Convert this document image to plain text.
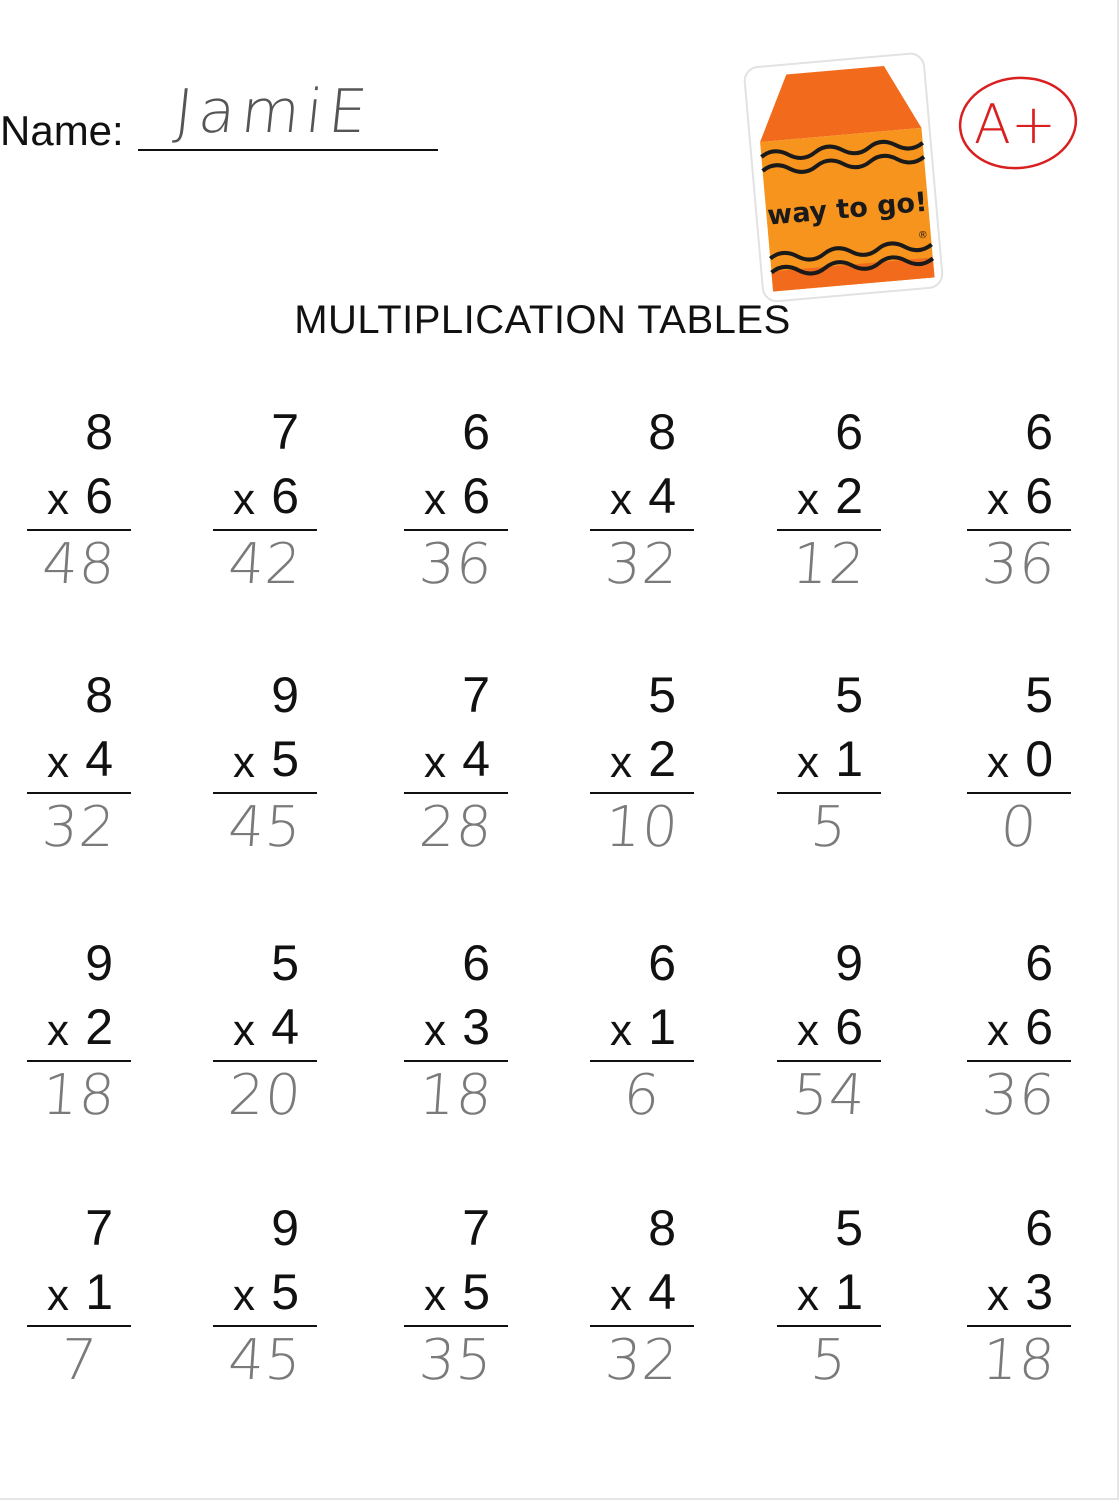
Name: JamiE
way to go!
®
A+
MULTIPLICATION TABLES
8
x 6
48
7
x 6
42
6
x 6
36
8
x 4
32
6
x 2
12
6
x 6
36
8
x 4
32
9
x 5
45
7
x 4
28
5
x 2
10
5
x 1
5
5
x 0
0
9
x 2
18
5
x 4
20
6
x 3
18
6
x 1
6
9
x 6
54
6
x 6
36
7
x 1
7
9
x 5
45
7
x 5
35
8
x 4
32
5
x 1
5
6
x 3
18
